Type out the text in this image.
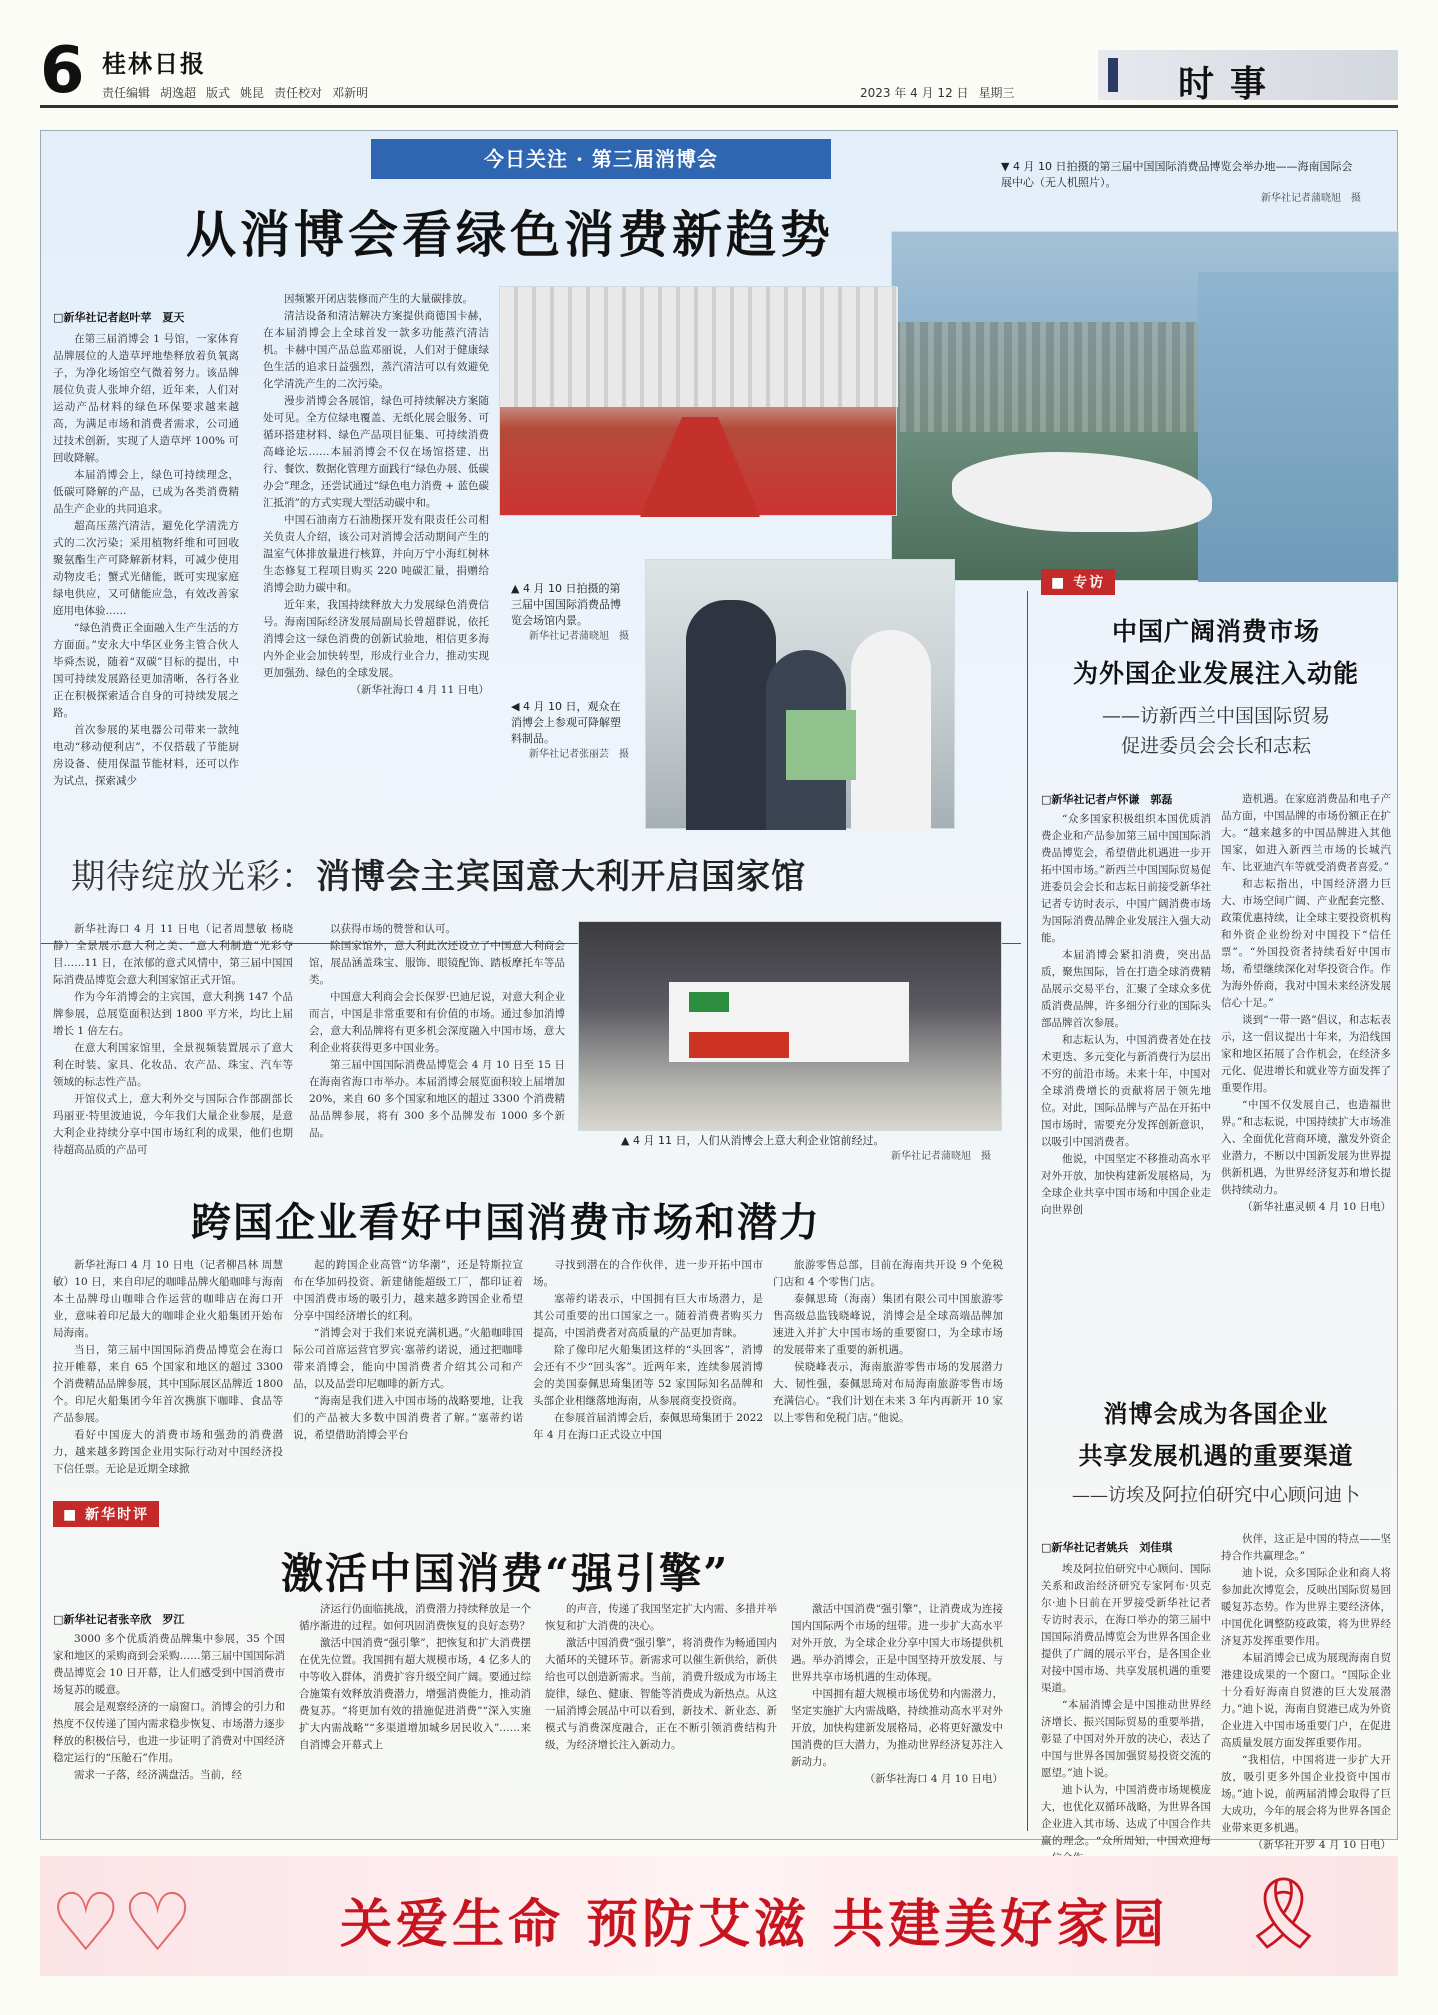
6 桂林日报
责任编辑 胡逸超 版式 姚昆 责任校对 邓新明	2023 年 4 月 12 日 星期三	时事
今日关注 · 第三届消博会
从消博会看绿色消费新趋势
▼ 4 月 10 日拍摄的第三届中国国际消费品博览会举办地——海南国际会展中心（无人机照片）。
新华社记者蒲晓旭　摄
▲ 4 月 10 日拍摄的第三届中国国际消费品博览会场馆内景。
新华社记者蒲晓旭　摄
◀ 4 月 10 日，观众在消博会上参观可降解塑料制品。
新华社记者张丽芸　摄
□新华社记者赵叶苹　夏天

在第三届消博会 1 号馆，一家体育品牌展位的人造草坪地垫释放着负氧离子，为净化场馆空气微着努力。该品牌展位负责人张坤介绍，近年来，人们对运动产品材料的绿色环保要求越来越高，为满足市场和消费者需求，公司通过技术创新，实现了人造草坪 100% 可回收降解。

本届消博会上，绿色可持续理念，低碳可降解的产品，已成为各类消费精品生产企业的共同追求。

超高压蒸汽清洁，避免化学清洗方式的二次污染；采用植物纤维和可回收聚氨酯生产可降解新材料，可减少使用动物皮毛；蟹式光储能，既可实现家庭绿电供应，又可储能应急，有效改善家庭用电体验……

“绿色消费正全面融入生产生活的方方面面。”安永大中华区业务主管合伙人毕舜杰说，随着“双碳”目标的提出，中国可持续发展路径更加清晰，各行各业正在积极探索适合自身的可持续发展之路。

首次参展的某电器公司带来一款纯电动“移动便利店”，不仅搭载了节能厨房设备、使用保温节能材料，还可以作为试点，探索减少

因频繁开闭店装修而产生的大量碳排放。

清洁设备和清洁解决方案提供商德国卡赫，在本届消博会上全球首发一款多功能蒸汽清洁机。卡赫中国产品总监邓丽说，人们对于健康绿色生活的追求日益强烈，蒸汽清洁可以有效避免化学清洗产生的二次污染。

漫步消博会各展馆，绿色可持续解决方案随处可见。全方位绿电覆盖、无纸化展会服务、可循环搭建材料、绿色产品项目征集、可持续消费高峰论坛……本届消博会不仅在场馆搭建、出行、餐饮、数据化管理方面践行“绿色办展、低碳办会”理念，还尝试通过“绿色电力消费 + 蓝色碳汇抵消”的方式实现大型活动碳中和。

中国石油南方石油勘探开发有限责任公司相关负责人介绍，该公司对消博会活动期间产生的温室气体排放量进行核算，并向万宁小海红树林生态修复工程项目购买 220 吨碳汇量，捐赠给消博会助力碳中和。

近年来，我国持续释放大力发展绿色消费信号。海南国际经济发展局副局长曾超群说，依托消博会这一绿色消费的创新试验地，相信更多海内外企业会加快转型，形成行业合力，推动实现更加强劲、绿色的全球发展。

（新华社海口 4 月 11 日电）
期待绽放光彩：消博会主宾国意大利开启国家馆

新华社海口 4 月 11 日电（记者周慧敏 杨晓静）全景展示意大利之美、“意大利制造”光彩夺目……11 日，在浓郁的意式风情中，第三届中国国际消费品博览会意大利国家馆正式开馆。

作为今年消博会的主宾国，意大利携 147 个品牌参展，总展览面积达到 1800 平方米，均比上届增长 1 倍左右。

在意大利国家馆里，全景视频装置展示了意大利在时装、家具、化妆品、农产品、珠宝、汽车等领域的标志性产品。

开馆仪式上，意大利外交与国际合作部副部长玛丽亚·特里波迪说，今年我们大量企业参展，是意大利企业持续分享中国市场红利的成果，他们也期待超高品质的产品可

以获得市场的赞誉和认可。

除国家馆外，意大利此次还设立了中国意大利商会馆，展品涵盖珠宝、服饰、眼镜配饰、踏板摩托车等品类。

中国意大利商会会长保罗·巴迪尼说，对意大利企业而言，中国是非常重要和有价值的市场。通过参加消博会，意大利品牌将有更多机会深度融入中国市场，意大利企业将获得更多中国业务。

第三届中国国际消费品博览会 4 月 10 日至 15 日在海南省海口市举办。本届消博会展览面积较上届增加 20%，来自 60 多个国家和地区的超过 3300 个消费精品品牌参展，将有 300 多个品牌发布 1000 多个新品。

▲ 4 月 11 日，人们从消博会上意大利企业馆前经过。
新华社记者蒲晓旭　摄
跨国企业看好中国消费市场和潜力

新华社海口 4 月 10 日电（记者柳昌林 周慧敏）10 日，来自印尼的咖啡品牌火船咖啡与海南本土品牌母山咖啡合作运营的咖啡店在海口开业，意味着印尼最大的咖啡企业火船集团开始布局海南。

当日，第三届中国国际消费品博览会在海口拉开帷幕，来自 65 个国家和地区的超过 3300 个消费精品品牌参展，其中国际展区品牌近 1800 个。印尼火船集团今年首次携旗下咖啡、食品等产品参展。

看好中国庞大的消费市场和强劲的消费潜力，越来越多跨国企业用实际行动对中国经济投下信任票。无论是近期全球掀

起的跨国企业高管“访华潮”，还是特斯拉宣布在华加码投资、新建储能超级工厂，都印证着中国消费市场的吸引力，越来越多跨国企业希望分享中国经济增长的红利。

“消博会对于我们来说充满机遇。”火船咖啡国际公司首席运营官罗宾·塞蒂约诺说，通过把咖啡带来消博会，能向中国消费者介绍其公司和产品，以及品尝印尼咖啡的新方式。

“海南是我们进入中国市场的战略要地，让我们的产品被大多数中国消费者了解。”塞蒂约诺说，希望借助消博会平台

寻找到潜在的合作伙伴，进一步开拓中国市场。

塞蒂约诺表示，中国拥有巨大市场潜力，是其公司重要的出口国家之一。随着消费者购买力提高，中国消费者对高质量的产品更加青睐。

除了像印尼火船集团这样的“头回客”，消博会还有不少“回头客”。近两年来，连续参展消博会的美国泰佩思琦集团等 52 家国际知名品牌和头部企业相继落地海南，从参展商变投资商。

在参展首届消博会后，泰佩思琦集团于 2022 年 4 月在海口正式设立中国

旅游零售总部，目前在海南共开设 9 个免税门店和 4 个零售门店。

泰佩思琦（海南）集团有限公司中国旅游零售高级总监钱晓峰说，消博会是全球高端品牌加速进入并扩大中国市场的重要窗口，为全球市场的发展带来了重要的新机遇。

侯晓峰表示，海南旅游零售市场的发展潜力大、韧性强，泰佩思琦对布局海南旅游零售市场充满信心。“我们计划在未来 3 年内再新开 10 家以上零售和免税门店。”他说。

■ 新华时评
激活中国消费“强引擎”
□新华社记者张辛欣　罗江

3000 多个优质消费品牌集中参展，35 个国家和地区的采购商到会采购……第三届中国国际消费品博览会 10 日开幕，让人们感受到中国消费市场复苏的暖意。

展会是观察经济的一扇窗口。消博会的引力和热度不仅传递了国内需求稳步恢复、市场潜力逐步释放的积极信号，也进一步证明了消费对中国经济稳定运行的“压舱石”作用。

需求一子落，经济满盘活。当前，经

济运行仍面临挑战，消费潜力持续释放是一个循序渐进的过程。如何巩固消费恢复的良好态势？

激活中国消费“强引擎”，把恢复和扩大消费摆在优先位置。我国拥有超大规模市场，4 亿多人的中等收入群体，消费扩容升级空间广阔。要通过综合施策有效释放消费潜力，增强消费能力，推动消费复苏。“将更加有效的措施促进消费”“深入实施扩大内需战略”“多渠道增加城乡居民收入”……来自消博会开幕式上

的声音，传递了我国坚定扩大内需、多措并举恢复和扩大消费的决心。

激活中国消费“强引擎”，将消费作为畅通国内大循环的关键环节。新需求可以催生新供给，新供给也可以创造新需求。当前，消费升级成为市场主旋律，绿色、健康、智能等消费成为新热点。从这一届消博会展品中可以看到，新技术、新业态、新模式与消费深度融合，正在不断引领消费结构升级，为经济增长注入新动力。

激活中国消费“强引擎”，让消费成为连接国内国际两个市场的纽带。进一步扩大高水平对外开放，为全球企业分享中国大市场提供机遇。举办消博会，正是中国坚持开放发展、与世界共享市场机遇的生动体现。

中国拥有超大规模市场优势和内需潜力，坚定实施扩大内需战略，持续推动高水平对外开放，加快构建新发展格局，必将更好激发中国消费的巨大潜力，为推动世界经济复苏注入新动力。

（新华社海口 4 月 10 日电）
■ 专访
中国广阔消费市场
为外国企业发展注入动能
——访新西兰中国国际贸易
促进委员会会长和志耘
□新华社记者卢怀谦　郭磊

“众多国家积极组织本国优质消费企业和产品参加第三届中国国际消费品博览会，希望借此机遇进一步开拓中国市场。”新西兰中国国际贸易促进委员会会长和志耘日前接受新华社记者专访时表示，中国广阔消费市场为国际消费品牌企业发展注入强大动能。

本届消博会紧扣消费，突出品质，聚焦国际，旨在打造全球消费精品展示交易平台，汇聚了全球众多优质消费品牌，许多细分行业的国际头部品牌首次参展。

和志耘认为，中国消费者处在技术更迭、多元变化与新消费行为层出不穷的前沿市场。未来十年，中国对全球消费增长的贡献将居于领先地位。对此，国际品牌与产品在开拓中国市场时，需要充分发挥创新意识，以吸引中国消费者。

他说，中国坚定不移推动高水平对外开放，加快构建新发展格局，为全球企业共享中国市场和中国企业走向世界创

造机遇。在家庭消费品和电子产品方面，中国品牌的市场份额正在扩大。“越来越多的中国品牌进入其他国家，如进入新西兰市场的长城汽车、比亚迪汽车等就受消费者喜爱。”

和志耘指出，中国经济潜力巨大、市场空间广阔、产业配套完整、政策优惠持续，让全球主要投资机构和外资企业纷纷对中国投下“信任票”。“外国投资者持续看好中国市场，希望继续深化对华投资合作。作为海外侨商，我对中国未来经济发展信心十足。”

谈到“一带一路”倡议，和志耘表示，这一倡议提出十年来，为沿线国家和地区拓展了合作机会，在经济多元化、促进增长和就业等方面发挥了重要作用。

“中国不仅发展自己，也造福世界。”和志耘说，中国持续扩大市场准入、全面优化营商环境，激发外资企业潜力，不断以中国新发展为世界提供新机遇，为世界经济复苏和增长提供持续动力。

（新华社惠灵顿 4 月 10 日电）
消博会成为各国企业
共享发展机遇的重要渠道
——访埃及阿拉伯研究中心顾问迪卜
□新华社记者姚兵　刘佳琪

埃及阿拉伯研究中心顾问、国际关系和政治经济研究专家阿布·贝克尔·迪卜日前在开罗接受新华社记者专访时表示，在海口举办的第三届中国国际消费品博览会为世界各国企业提供了广阔的展示平台，是各国企业对接中国市场、共享发展机遇的重要渠道。

“本届消博会是中国推动世界经济增长、振兴国际贸易的重要举措，彰显了中国对外开放的决心，表达了中国与世界各国加强贸易投资交流的愿望。”迪卜说。

迪卜认为，中国消费市场规模庞大，也优化双循环战略，为世界各国企业进入其市场、达成了中国合作共赢的理念。“众所周知，中国欢迎每

伙伴，这正是中国的特点——坚持合作共赢理念。”

迪卜说，众多国际企业和商人将参加此次博览会，反映出国际贸易回暖复苏态势。作为世界主要经济体，中国优化调整防疫政策，将为世界经济复苏发挥重要作用。

本届消博会已成为展现海南自贸港建设成果的一个窗口。“国际企业十分看好海南自贸港的巨大发展潜力。”迪卜说，海南自贸港已成为外资企业进入中国市场重要门户，在促进高质量发展方面发挥重要作用。

“我相信，中国将进一步扩大开放，吸引更多外国企业投资中国市场。”迪卜说，前两届消博会取得了巨大成功，今年的展会将为世界各国企业带来更多机遇。

（新华社开罗 4 月 10 日电）
♡♡	关爱生命 预防艾滋 共建美好家园 🎗
